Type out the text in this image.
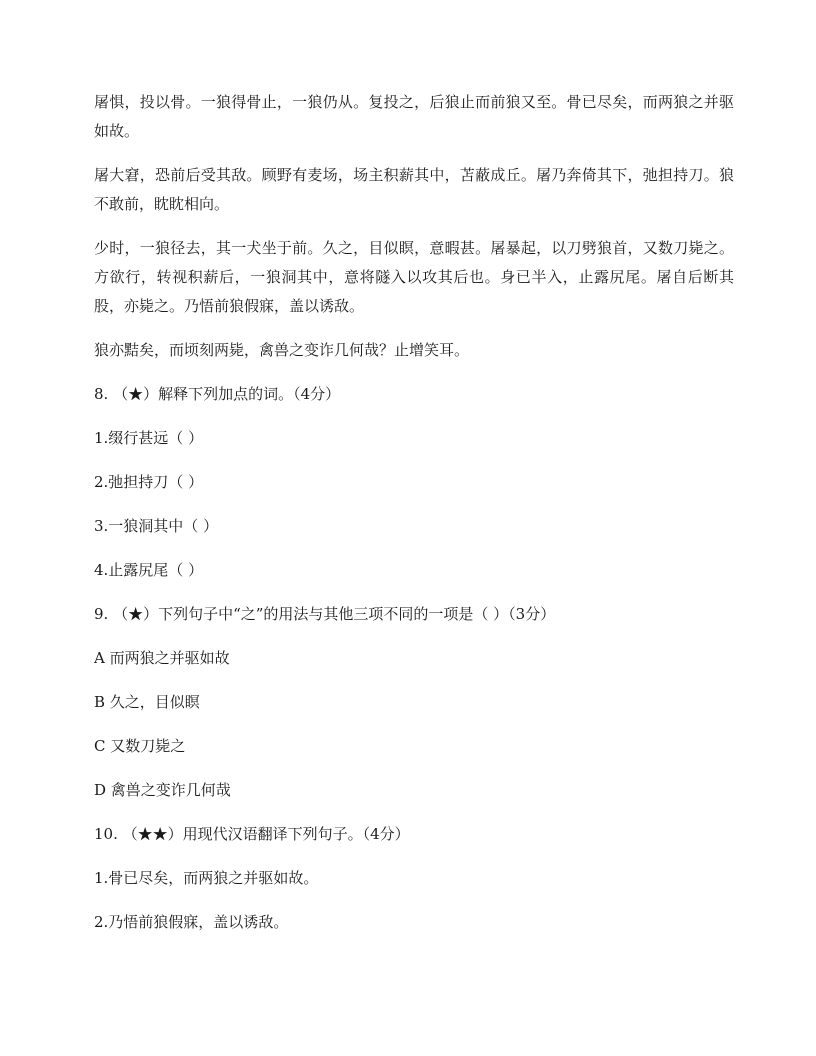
屠惧，投以骨。一狼得骨止，一狼仍从。复投之，后狼止而前狼又至。骨已尽矣，而两狼之并驱如故。

屠大窘，恐前后受其敌。顾野有麦场，场主积薪其中，苫蔽成丘。屠乃奔倚其下，弛担持刀。狼不敢前，眈眈相向。

少时，一狼径去，其一犬坐于前。久之，目似瞑，意暇甚。屠暴起，以刀劈狼首，又数刀毙之。方欲行，转视积薪后，一狼洞其中，意将隧入以攻其后也。身已半入，止露尻尾。屠自后断其股，亦毙之。乃悟前狼假寐，盖以诱敌。

狼亦黠矣，而顷刻两毙，禽兽之变诈几何哉？止增笑耳。

8. （★）解释下列加点的词。（4分）

1.缀行甚远（ ）

2.弛担持刀（ ）

3.一狼洞其中（ ）

4.止露尻尾（ ）

9. （★）下列句子中“之”的用法与其他三项不同的一项是（ ）（3分）

A 而两狼之并驱如故

B 久之，目似瞑

C 又数刀毙之

D 禽兽之变诈几何哉

10. （★★）用现代汉语翻译下列句子。（4分）

1.骨已尽矣，而两狼之并驱如故。

2.乃悟前狼假寐，盖以诱敌。
